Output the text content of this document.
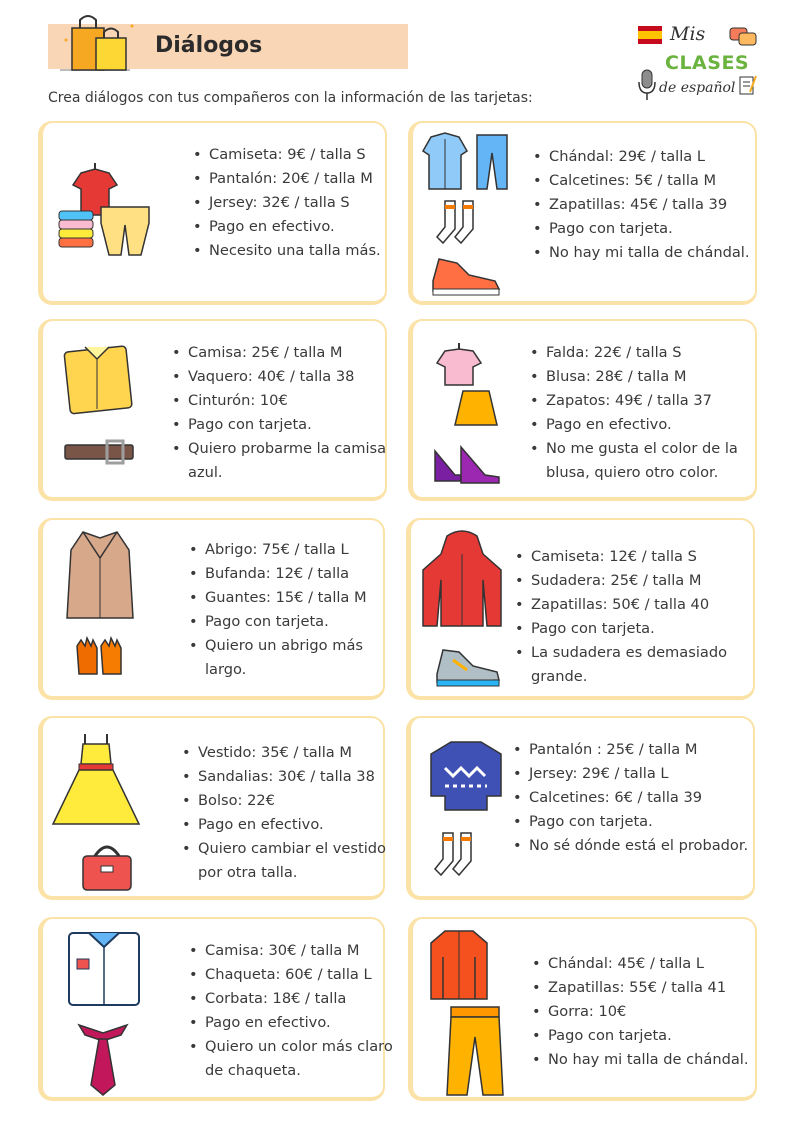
Diálogos	Mis
CLASES
de español
Crea diálogos con tus compañeros con la información de las tarjetas:
• Camiseta: 9€ / talla S
• Pantalón: 20€ / talla M
• Jersey: 32€ / talla S
• Pago en efectivo.
• Necesito una talla más.
• Chándal: 29€ / talla L
• Calcetines: 5€ / talla M
• Zapatillas: 45€ / talla 39
• Pago con tarjeta.
• No hay mi talla de chándal.
• Camisa: 25€ / talla M
• Vaquero: 40€ / talla 38
• Cinturón: 10€
• Pago con tarjeta.
• Quiero probarme la camisa azul.
• Falda: 22€ / talla S
• Blusa: 28€ / talla M
• Zapatos: 49€ / talla 37
• Pago en efectivo.
• No me gusta el color de la blusa, quiero otro color.
• Abrigo: 75€ / talla L
• Bufanda: 12€ / talla
• Guantes: 15€ / talla M
• Pago con tarjeta.
• Quiero un abrigo más largo.
• Camiseta: 12€ / talla S
• Sudadera: 25€ / talla M
• Zapatillas: 50€ / talla 40
• Pago con tarjeta.
• La sudadera es demasiado grande.
• Vestido: 35€ / talla M
• Sandalias: 30€ / talla 38
• Bolso: 22€
• Pago en efectivo.
• Quiero cambiar el vestido por otra talla.
• Pantalón : 25€ / talla M
• Jersey: 29€ / talla L
• Calcetines: 6€ / talla 39
• Pago con tarjeta.
• No sé dónde está el probador.
• Camisa: 30€ / talla M
• Chaqueta: 60€ / talla L
• Corbata: 18€ / talla
• Pago en efectivo.
• Quiero un color más claro de chaqueta.
• Chándal: 45€ / talla L
• Zapatillas: 55€ / talla 41
• Gorra: 10€
• Pago con tarjeta.
• No hay mi talla de chándal.
